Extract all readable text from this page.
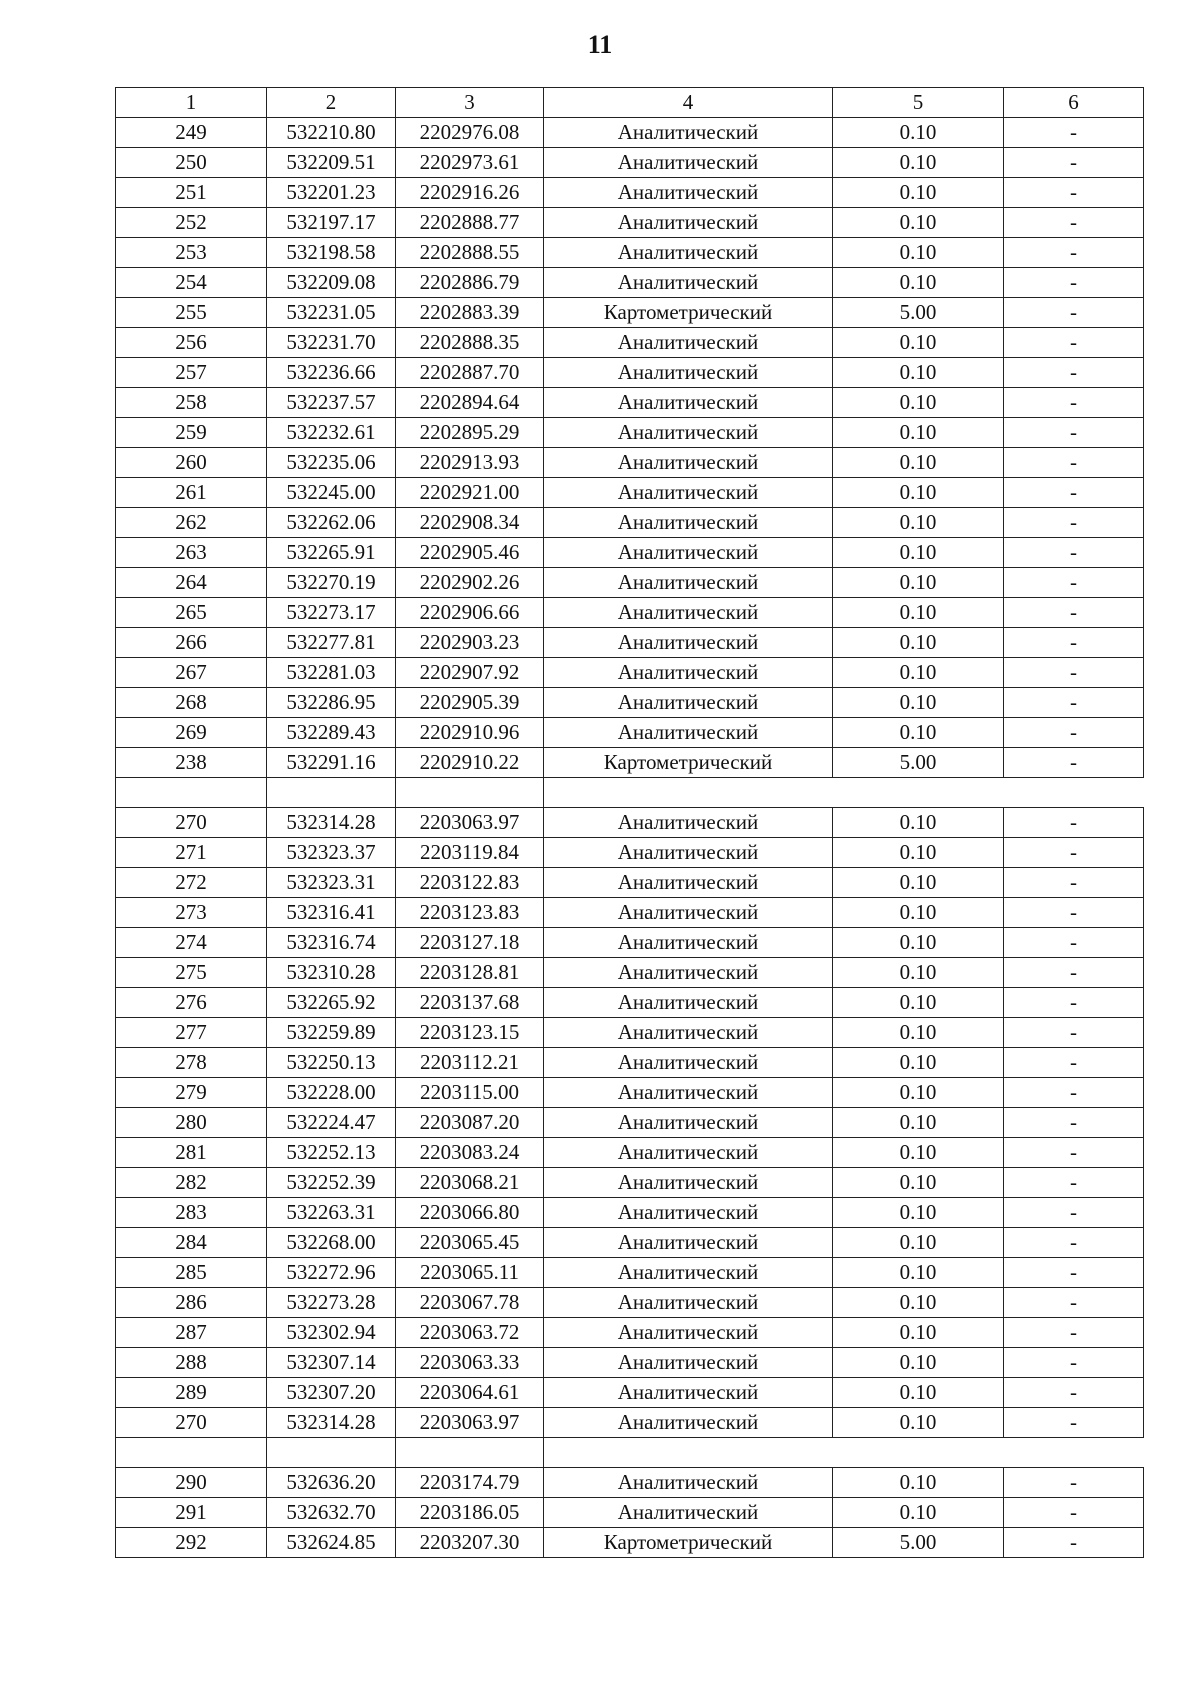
11
1	2	3	4	5	6
249	532210.80	2202976.08	Аналитический	0.10	-
250	532209.51	2202973.61	Аналитический	0.10	-
251	532201.23	2202916.26	Аналитический	0.10	-
252	532197.17	2202888.77	Аналитический	0.10	-
253	532198.58	2202888.55	Аналитический	0.10	-
254	532209.08	2202886.79	Аналитический	0.10	-
255	532231.05	2202883.39	Картометрический	5.00	-
256	532231.70	2202888.35	Аналитический	0.10	-
257	532236.66	2202887.70	Аналитический	0.10	-
258	532237.57	2202894.64	Аналитический	0.10	-
259	532232.61	2202895.29	Аналитический	0.10	-
260	532235.06	2202913.93	Аналитический	0.10	-
261	532245.00	2202921.00	Аналитический	0.10	-
262	532262.06	2202908.34	Аналитический	0.10	-
263	532265.91	2202905.46	Аналитический	0.10	-
264	532270.19	2202902.26	Аналитический	0.10	-
265	532273.17	2202906.66	Аналитический	0.10	-
266	532277.81	2202903.23	Аналитический	0.10	-
267	532281.03	2202907.92	Аналитический	0.10	-
268	532286.95	2202905.39	Аналитический	0.10	-
269	532289.43	2202910.96	Аналитический	0.10	-
238	532291.16	2202910.22	Картометрический	5.00	-

270	532314.28	2203063.97	Аналитический	0.10	-
271	532323.37	2203119.84	Аналитический	0.10	-
272	532323.31	2203122.83	Аналитический	0.10	-
273	532316.41	2203123.83	Аналитический	0.10	-
274	532316.74	2203127.18	Аналитический	0.10	-
275	532310.28	2203128.81	Аналитический	0.10	-
276	532265.92	2203137.68	Аналитический	0.10	-
277	532259.89	2203123.15	Аналитический	0.10	-
278	532250.13	2203112.21	Аналитический	0.10	-
279	532228.00	2203115.00	Аналитический	0.10	-
280	532224.47	2203087.20	Аналитический	0.10	-
281	532252.13	2203083.24	Аналитический	0.10	-
282	532252.39	2203068.21	Аналитический	0.10	-
283	532263.31	2203066.80	Аналитический	0.10	-
284	532268.00	2203065.45	Аналитический	0.10	-
285	532272.96	2203065.11	Аналитический	0.10	-
286	532273.28	2203067.78	Аналитический	0.10	-
287	532302.94	2203063.72	Аналитический	0.10	-
288	532307.14	2203063.33	Аналитический	0.10	-
289	532307.20	2203064.61	Аналитический	0.10	-
270	532314.28	2203063.97	Аналитический	0.10	-

290	532636.20	2203174.79	Аналитический	0.10	-
291	532632.70	2203186.05	Аналитический	0.10	-
292	532624.85	2203207.30	Картометрический	5.00	-
